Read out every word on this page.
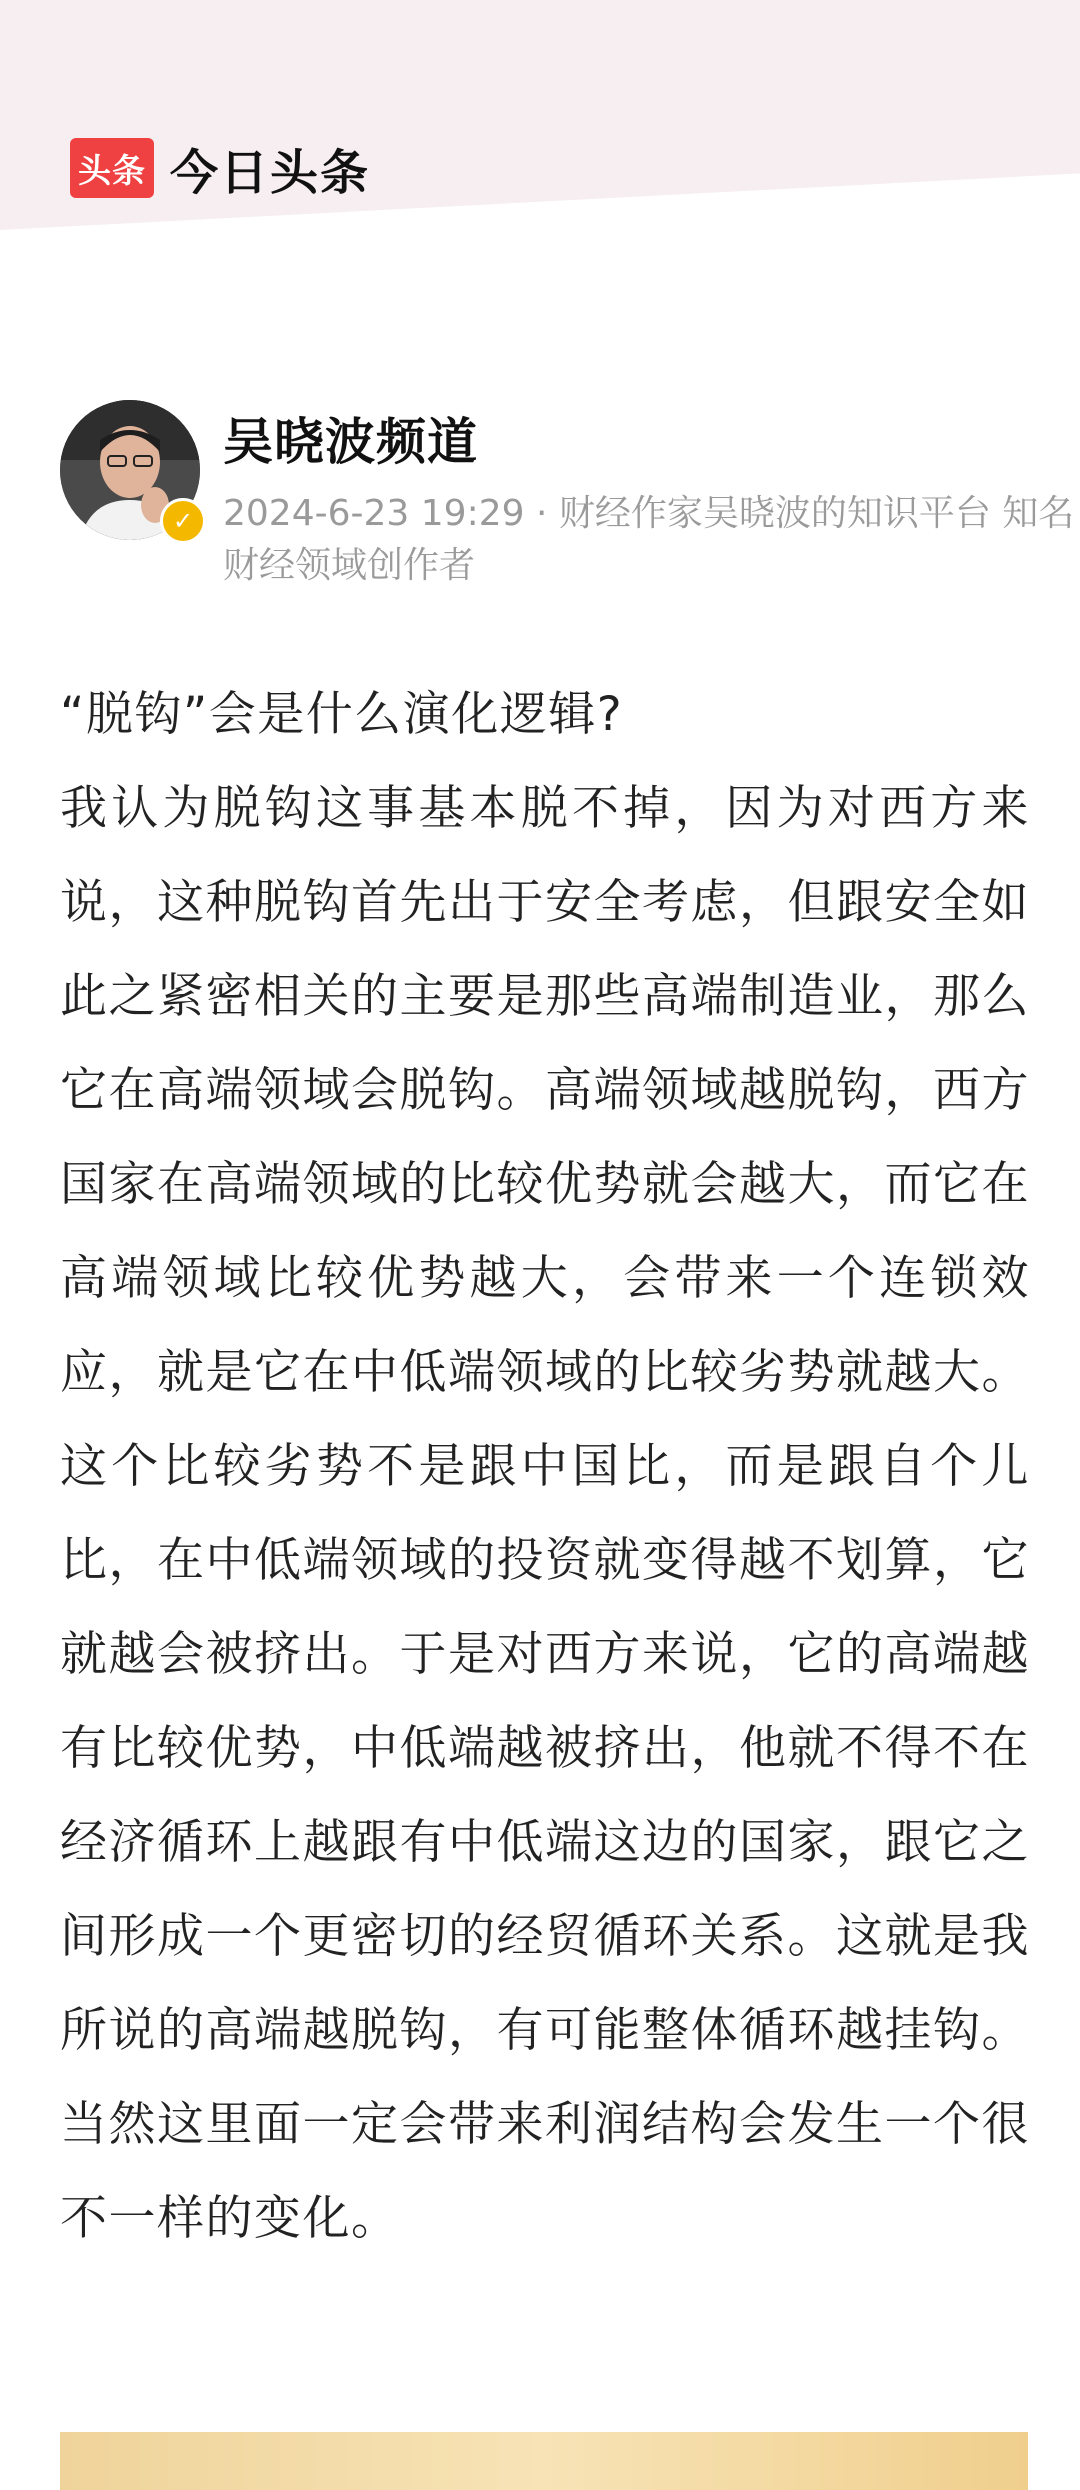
头条 今日头条
✓
吴晓波频道
2024-6-23 19:29 · 财经作家吴晓波的知识平台 知名财经领域创作者

“脱钩”会是什么演化逻辑?

我认为脱钩这事基本脱不掉，因为对西方来说，这种脱钩首先出于安全考虑，但跟安全如此之紧密相关的主要是那些高端制造业，那么它在高端领域会脱钩。高端领域越脱钩，西方国家在高端领域的比较优势就会越大，而它在高端领域比较优势越大，会带来一个连锁效应，就是它在中低端领域的比较劣势就越大。这个比较劣势不是跟中国比，而是跟自个儿比，在中低端领域的投资就变得越不划算，它就越会被挤出。于是对西方来说，它的高端越有比较优势，中低端越被挤出，他就不得不在经济循环上越跟有中低端这边的国家，跟它之间形成一个更密切的经贸循环关系。这就是我所说的高端越脱钩，有可能整体循环越挂钩。当然这里面一定会带来利润结构会发生一个很不一样的变化。
